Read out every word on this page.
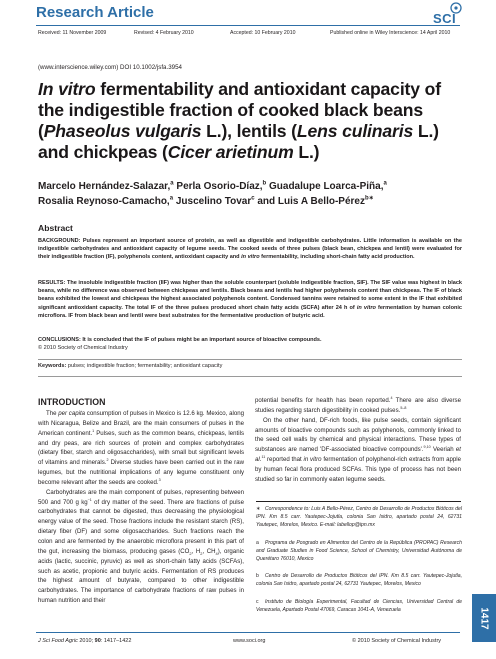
Research Article	SCI
Received: 11 November 2009	Revised: 4 February 2010	Accepted: 10 February 2010	Published online in Wiley Interscience: 14 April 2010
(www.interscience.wiley.com) DOI 10.1002/jsfa.3954
In vitro fermentability and antioxidant capacity of the indigestible fraction of cooked black beans (Phaseolus vulgaris L.), lentils (Lens culinaris L.) and chickpeas (Cicer arietinum L.)

Marcelo Hernández-Salazar,$^a$ Perla Osorio-Díaz,$^b$ Guadalupe Loarca-Piña,$^a$
Rosalia Reynoso-Camacho,$^a$ Juscelino Tovar$^c$ and Luis A Bello-Pérez$^{b∗}$

Abstract

BACKGROUND: Pulses represent an important source of protein, as well as digestible and indigestible carbohydrates. Little information is available on the indigestible carbohydrates and antioxidant capacity of legume seeds. The cooked seeds of three pulses (black bean, chickpea and lentil) were evaluated for their indigestible fraction (IF), polyphenols content, antioxidant capacity and in vitro fermentability, including short-chain fatty acid production.

RESULTS: The insoluble indigestible fraction (IIF) was higher than the soluble counterpart (soluble indigestible fraction, SIF). The SIF value was highest in black beans, while no difference was observed between chickpeas and lentils. Black beans and lentils had higher polyphenols content than chickpeas. The IF of black beans exhibited the lowest and chickpeas the highest associated polyphenols content. Condensed tannins were retained to some extent in the IF that exhibited significant antioxidant capacity. The total IF of the three pulses produced short chain fatty acids (SCFA) after 24 h of in vitro fermentation by human colonic microflora. IF from black bean and lentil were best substrates for the fermentative production of butyric acid.

CONCLUSIONS: It is concluded that the IF of pulses might be an important source of bioactive compounds.

© 2010 Society of Chemical Industry

Keywords: pulses; indigestible fraction; fermentability; antioxidant capacity
INTRODUCTION

The per capita consumption of pulses in Mexico is 12.6 kg. Mexico, along with Nicaragua, Belize and Brazil, are the main consumers of pulses in the American continent.$^1$ Pulses, such as the common beans, chickpeas, lentils and dry peas, are rich sources of protein and complex carbohydrates (dietary fiber, starch and oligosaccharides), with small but significant levels of vitamins and minerals.$^2$ Diverse studies have been carried out in the raw legumes, but the nutritional implications of any legume constituent only become relevant after the seeds are cooked.$^3$

Carbohydrates are the main component of pulses, representing between 500 and 700 g $kg^{-1}$ of dry matter of the seed. There are fractions of pulse carbohydrates that cannot be digested, thus decreasing the physiological energy value of the seed. Those fractions include the resistant starch (RS), dietary fiber (DF) and some oligosaccharides. Such fractions reach the colon and are fermented by the anaerobic microflora present in this part of the gut, increasing the biomass, producing gases ($CO_2$, $H_2$, $CH_4$), organic acids (lactic, succinic, pyruvic) as well as short-chain fatty acids (SCFAs), such as acetic, propionic and butyric acids. Fermentation of RS produces the highest amount of butyrate, compared to other indigestible carbohydrates. The importance of carbohydrate fractions of raw pulses in human nutrition and their

potential benefits for health has been reported.$^4$ There are also diverse studies regarding starch digestibility in cooked pulses.$^{5-8}$

On the other hand, DF-rich foods, like pulse seeds, contain significant amounts of bioactive compounds such as polyphenols, commonly linked to the seed cell walls by chemical and physical interactions. These types of substances are named 'DF-associated bioactive compounds'.$^{9,10}$ Veeriah et al.$^{11}$ reported that in vitro fermentation of polyphenol-rich extracts from apple by human fecal flora produced SCFAs. This type of process has not been studied so far in commonly eaten legume seeds.

∗ Correspondence to: Luis A Bello-Pérez, Centro de Desarrollo de Productos Bióticos del IPN. Km 8.5 carr. Yautepec-Jojutla, colonia San Isidro, apartado postal 24, 62731 Yautepec, Morelos, Mexico. E-mail: labellop@ipn.mx

a Programa de Posgrado en Alimentos del Centro de la República (PROPAC) Research and Graduate Studies in Food Science, School of Chemistry, Universidad Autónoma de Querétaro 76010, Mexico

b Centro de Desarrollo de Productos Bióticos del IPN. Km 8.5 carr. Yautepec-Jojutla, colonia San Isidro, apartado postal 24, 62731 Yautepec, Morelos, Mexico

c Instituto de Biología Experimental, Facultad de Ciencias, Universidad Central de Venezuela, Apartado Postal 47069, Caracas 1041-A, Venezuela

J Sci Food Agric 2010; 90: 1417–1422	www.soci.org	© 2010 Society of Chemical Industry
1417
